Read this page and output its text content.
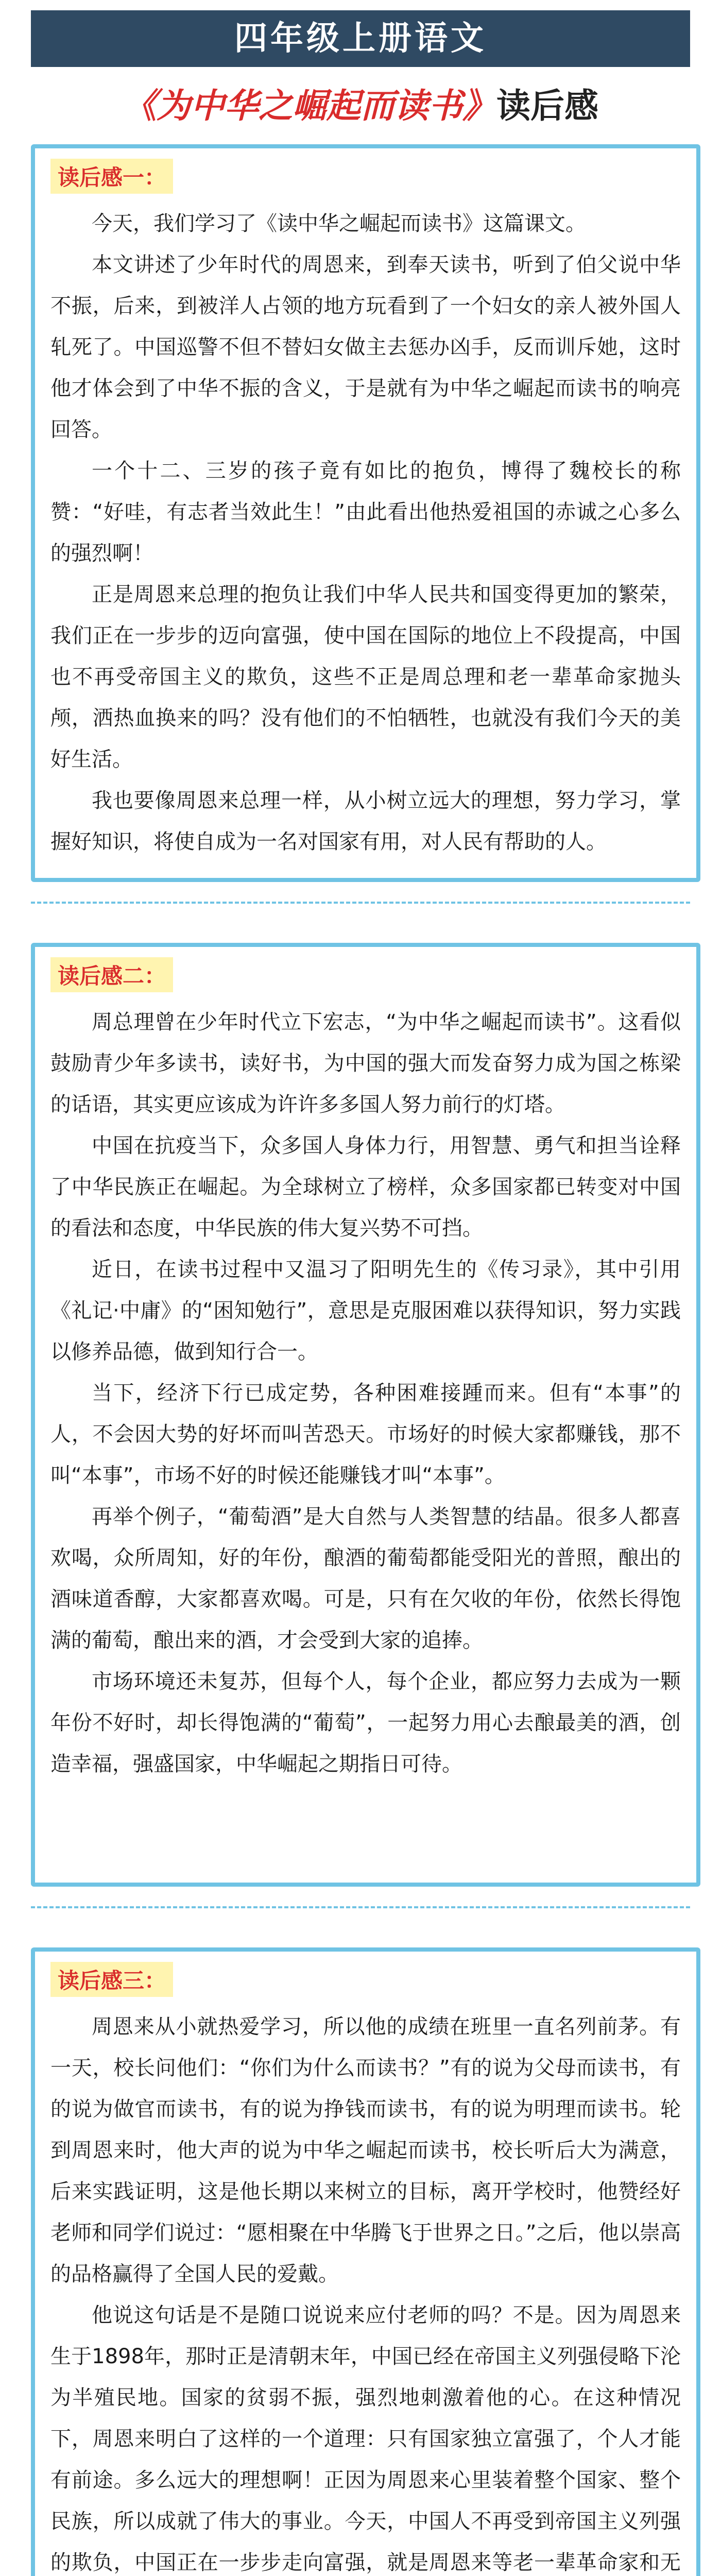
四年级上册语文
《为中华之崛起而读书》读后感
读后感一：

今天，我们学习了《读中华之崛起而读书》这篇课文。

本文讲述了少年时代的周恩来，到奉天读书，听到了伯父说中华不振，后来，到被洋人占领的地方玩看到了一个妇女的亲人被外国人轧死了。中国巡警不但不替妇女做主去惩办凶手，反而训斥她，这时他才体会到了中华不振的含义，于是就有为中华之崛起而读书的响亮回答。

一个十二、三岁的孩子竟有如比的抱负，博得了魏校长的称赞：“好哇，有志者当效此生！”由此看出他热爱祖国的赤诚之心多么的强烈啊！

正是周恩来总理的抱负让我们中华人民共和国变得更加的繁荣，我们正在一步步的迈向富强，使中国在国际的地位上不段提高，中国也不再受帝国主义的欺负，这些不正是周总理和老一辈革命家抛头颅，洒热血换来的吗？没有他们的不怕牺牲，也就没有我们今天的美好生活。

我也要像周恩来总理一样，从小树立远大的理想，努力学习，掌握好知识，将使自成为一名对国家有用，对人民有帮助的人。

读后感二：

周总理曾在少年时代立下宏志，“为中华之崛起而读书”。这看似鼓励青少年多读书，读好书，为中国的强大而发奋努力成为国之栋梁的话语，其实更应该成为许许多多国人努力前行的灯塔。

中国在抗疫当下，众多国人身体力行，用智慧、勇气和担当诠释了中华民族正在崛起。为全球树立了榜样，众多国家都已转变对中国的看法和态度，中华民族的伟大复兴势不可挡。

近日，在读书过程中又温习了阳明先生的《传习录》，其中引用《礼记·中庸》的“困知勉行”，意思是克服困难以获得知识，努力实践以修养品德，做到知行合一。

当下，经济下行已成定势，各种困难接踵而来。但有“本事”的人，不会因大势的好坏而叫苦恐天。市场好的时候大家都赚钱，那不叫“本事”，市场不好的时候还能赚钱才叫“本事”。

再举个例子，“葡萄酒”是大自然与人类智慧的结晶。很多人都喜欢喝，众所周知，好的年份，酿酒的葡萄都能受阳光的普照，酿出的酒味道香醇，大家都喜欢喝。可是，只有在欠收的年份，依然长得饱满的葡萄，酿出来的酒，才会受到大家的追捧。

市场环境还未复苏，但每个人，每个企业，都应努力去成为一颗年份不好时，却长得饱满的“葡萄”，一起努力用心去酿最美的酒，创造幸福，强盛国家，中华崛起之期指日可待。

读后感三：

周恩来从小就热爱学习，所以他的成绩在班里一直名列前茅。有一天，校长问他们：“你们为什么而读书？”有的说为父母而读书，有的说为做官而读书，有的说为挣钱而读书，有的说为明理而读书。轮到周恩来时，他大声的说为中华之崛起而读书，校长听后大为满意，后来实践证明，这是他长期以来树立的目标，离开学校时，他赞经好老师和同学们说过：“愿相聚在中华腾飞于世界之日。”之后，他以崇高的品格赢得了全国人民的爱戴。

他说这句话是不是随口说说来应付老师的吗？不是。因为周恩来生于1898年，那时正是清朝末年，中国已经在帝国主义列强侵略下沦为半殖民地。国家的贫弱不振，强烈地刺激着他的心。在这种情况下，周恩来明白了这样的一个道理：只有国家独立富强了，个人才能有前途。多么远大的理想啊！正因为周恩来心里装着整个国家、整个民族，所以成就了伟大的事业。今天，中国人不再受到帝国主义列强的欺负，中国正在一步步走向富强，就是周恩来等老一辈革命家和无
